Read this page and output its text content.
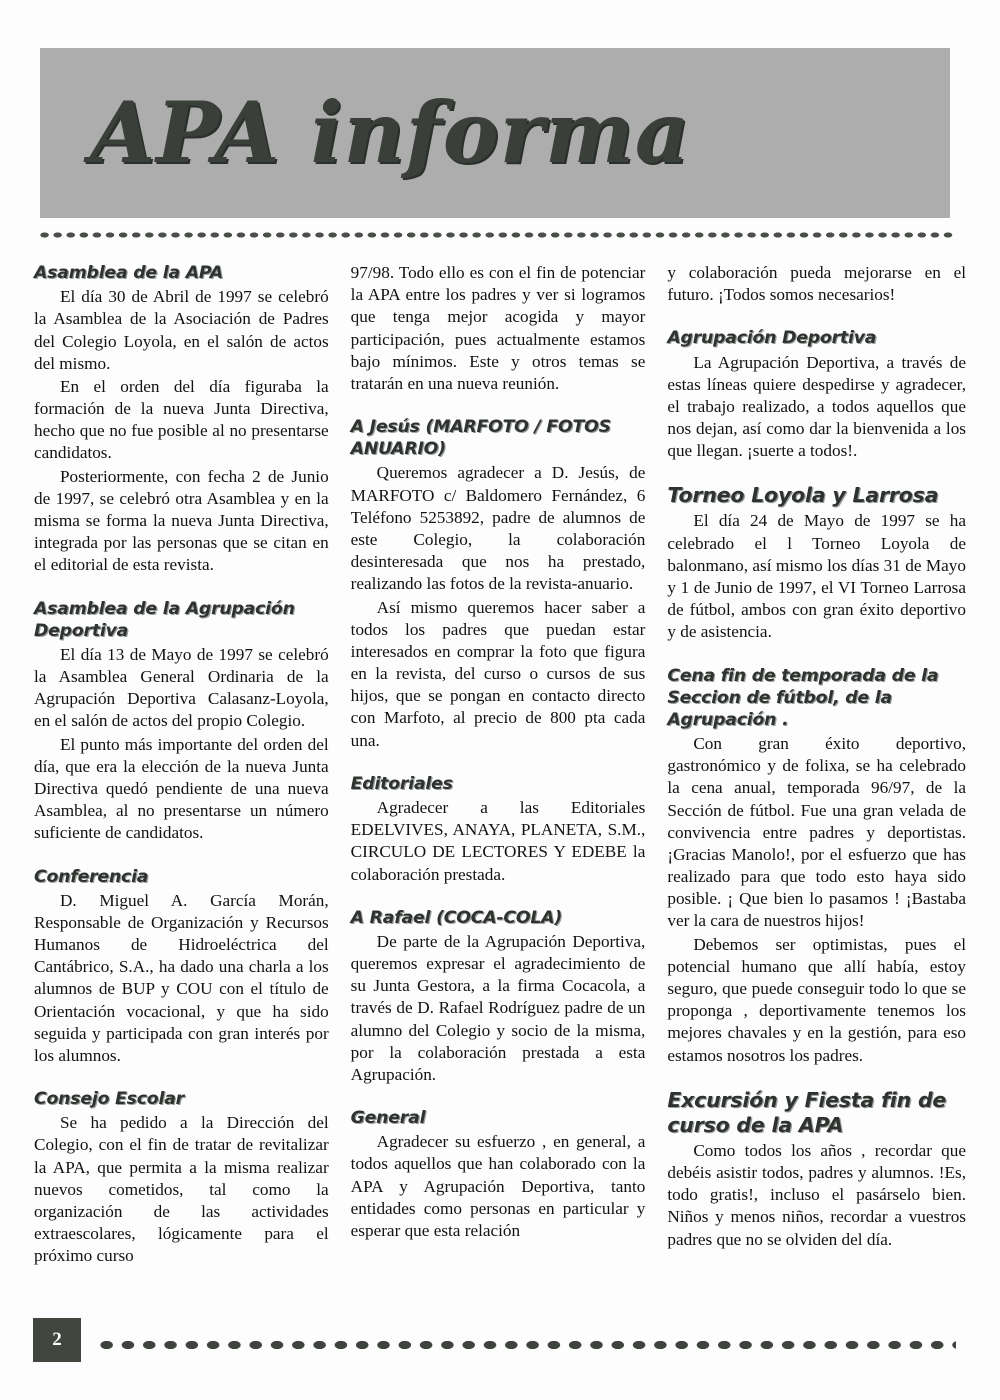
APA informa
Asamblea de la APA

El día 30 de Abril de 1997 se celebró la Asamblea de la Asociación de Padres del Colegio Loyola, en el salón de actos del mismo.

En el orden del día figuraba la formación de la nueva Junta Directiva, hecho que no fue posible al no presentarse candidatos.

Posteriormente, con fecha 2 de Junio de 1997, se celebró otra Asamblea y en la misma se forma la nueva Junta Directiva, integrada por las personas que se citan en el editorial de esta revista.

Asamblea de la Agrupación Deportiva

El día 13 de Mayo de 1997 se celebró la Asamblea General Ordinaria de la Agrupación Deportiva Calasanz-Loyola, en el salón de actos del propio Colegio.

El punto más importante del orden del día, que era la elección de la nueva Junta Directiva quedó pendiente de una nueva Asamblea, al no presentarse un número suficiente de candidatos.

Conferencia

D. Miguel A. García Morán, Responsable de Organización y Recursos Humanos de Hidroeléctrica del Cantábrico, S.A., ha dado una charla a los alumnos de BUP y COU con el título de Orientación vocacional, y que ha sido seguida y participada con gran interés por los alumnos.

Consejo Escolar

Se ha pedido a la Dirección del Colegio, con el fin de tratar de revitalizar la APA, que permita a la misma realizar nuevos cometidos, tal como la organización de las actividades extraescolares, lógicamente para el próximo curso

97/98. Todo ello es con el fin de potenciar la APA entre los padres y ver si logramos que tenga mejor acogida y mayor participación, pues actualmente estamos bajo mínimos. Este y otros temas se tratarán en una nueva reunión.

A Jesús (MARFOTO / FOTOS ANUARIO)

Queremos agradecer a D. Jesús, de MARFOTO c/ Baldomero Fernández, 6 Teléfono 5253892, padre de alumnos de este Colegio, la colaboración desinteresada que nos ha prestado, realizando las fotos de la revista-anuario.

Así mismo queremos hacer saber a todos los padres que puedan estar interesados en comprar la foto que figura en la revista, del curso o cursos de sus hijos, que se pongan en contacto directo con Marfoto, al precio de 800 pta cada una.

Editoriales

Agradecer a las Editoriales EDELVIVES, ANAYA, PLANETA, S.M., CIRCULO DE LECTORES Y EDEBE la colaboración prestada.

A Rafael (COCA-COLA)

De parte de la Agrupación Deportiva, queremos expresar el agradecimiento de su Junta Gestora, a la firma Cocacola, a través de D. Rafael Rodríguez padre de un alumno del Colegio y socio de la misma, por la colaboración prestada a esta Agrupación.

General

Agradecer su esfuerzo , en general, a todos aquellos que han colaborado con la APA y Agrupación Deportiva, tanto entidades como personas en particular y esperar que esta relación

y colaboración pueda mejorarse en el futuro. ¡Todos somos necesarios!

Agrupación Deportiva

La Agrupación Deportiva, a través de estas líneas quiere despedirse y agradecer, el trabajo realizado, a todos aquellos que nos dejan, así como dar la bienvenida a los que llegan. ¡suerte a todos!.

Torneo Loyola y Larrosa

El día 24 de Mayo de 1997 se ha celebrado el l Torneo Loyola de balonmano, así mismo los días 31 de Mayo y 1 de Junio de 1997, el VI Torneo Larrosa de fútbol, ambos con gran éxito deportivo y de asistencia.

Cena fin de temporada de la Seccion de fútbol, de la Agrupación .

Con gran éxito deportivo, gastronómico y de folixa, se ha celebrado la cena anual, temporada 96/97, de la Sección de fútbol. Fue una gran velada de convivencia entre padres y deportistas. ¡Gracias Manolo!, por el esfuerzo que has realizado para que todo esto haya sido posible. ¡ Que bien lo pasamos ! ¡Bastaba ver la cara de nuestros hijos!

Debemos ser optimistas, pues el potencial humano que allí había, estoy seguro, que puede conseguir todo lo que se proponga , deportivamente tenemos los mejores chavales y en la gestión, para eso estamos nosotros los padres.

Excursión y Fiesta fin de curso de la APA

Como todos los años , recordar que debéis asistir todos, padres y alumnos. !Es, todo gratis!, incluso el pasárselo bien. Niños y menos niños, recordar a vuestros padres que no se olviden del día.

2
